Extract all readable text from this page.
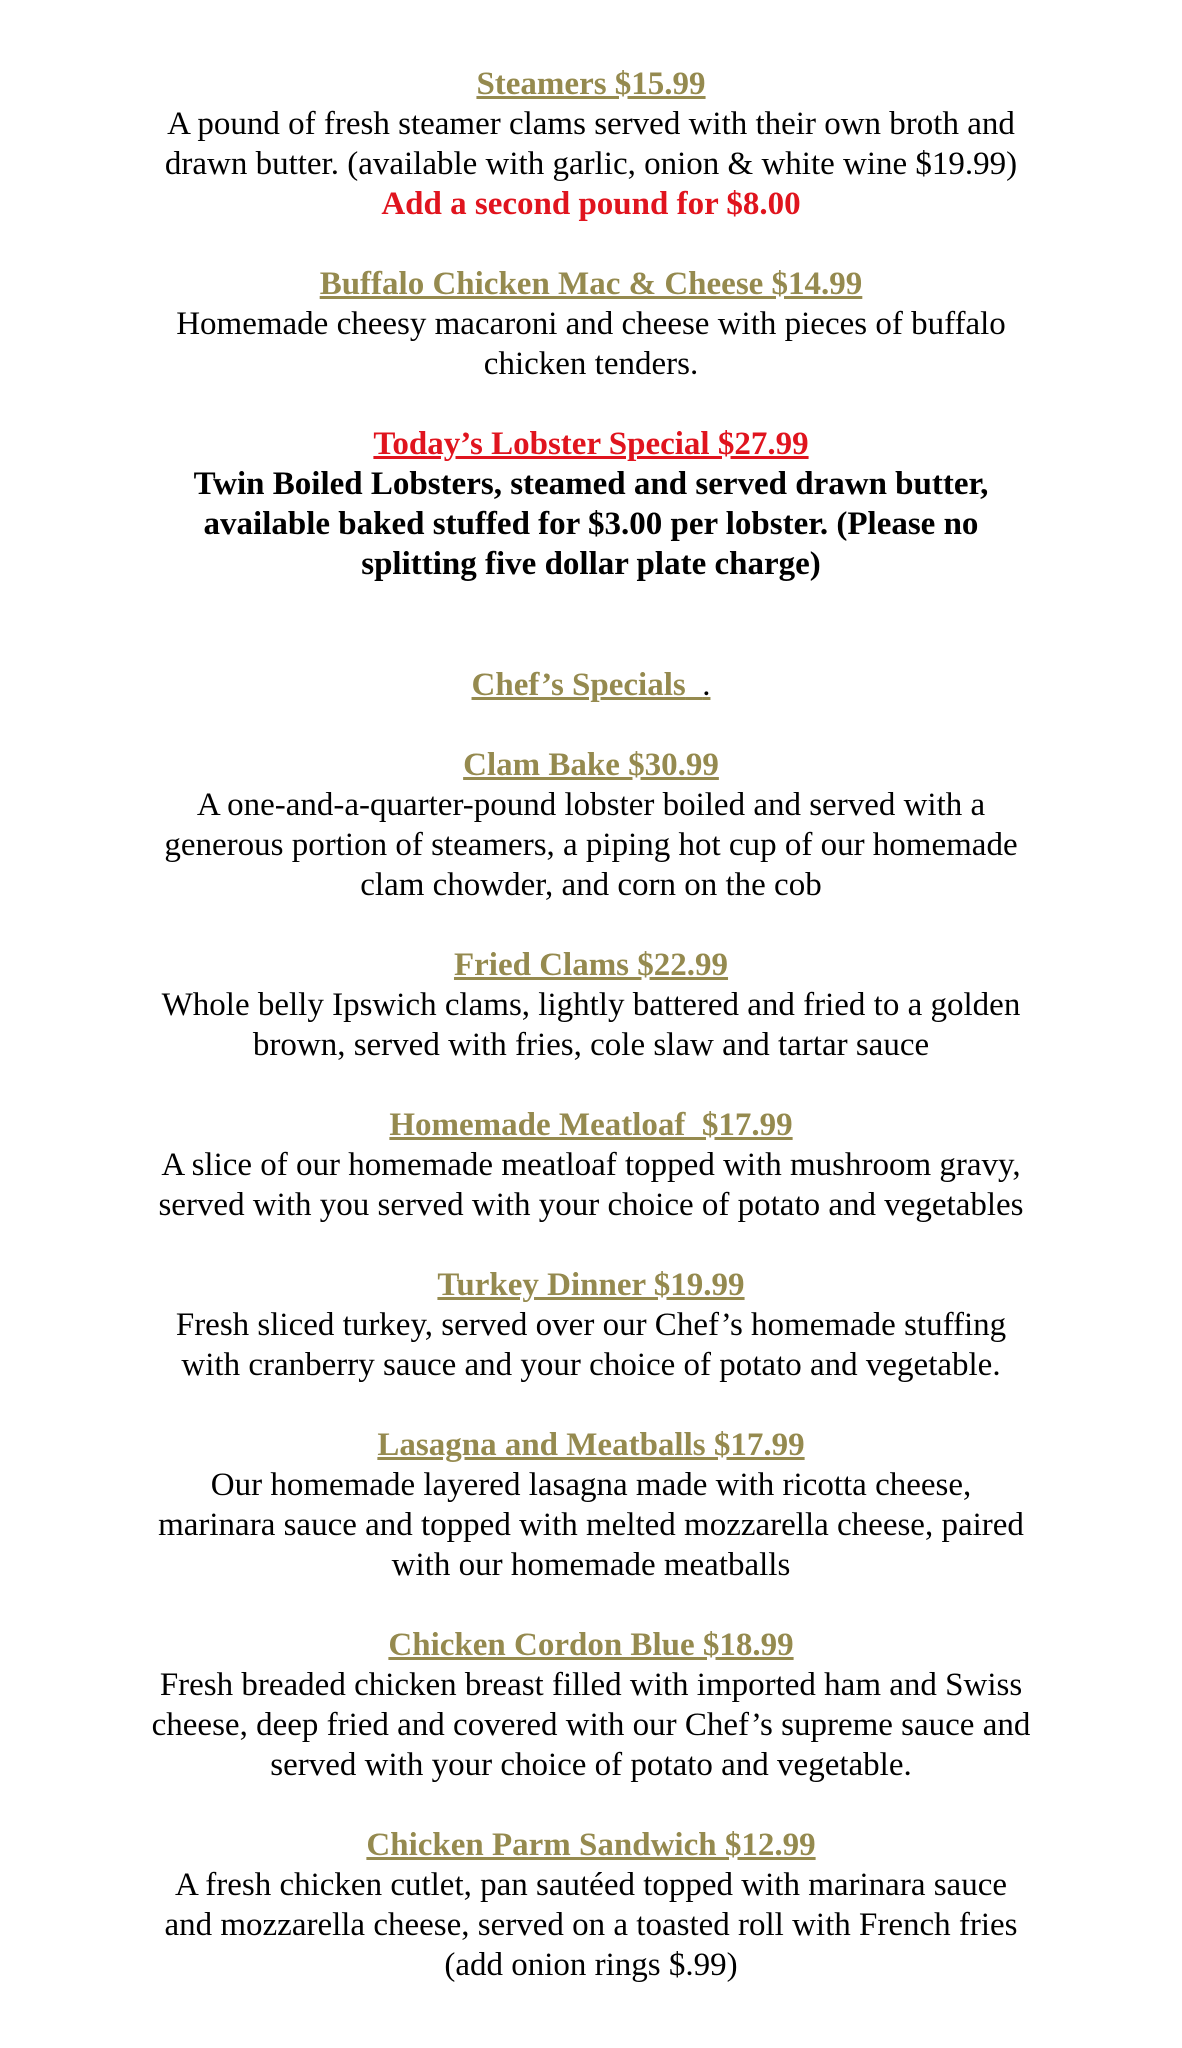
Steamers $15.99

A pound of fresh steamer clams served with their own broth and

drawn butter. (available with garlic, onion & white wine $19.99)

Add a second pound for $8.00

Buffalo Chicken Mac & Cheese $14.99

Homemade cheesy macaroni and cheese with pieces of buffalo

chicken tenders.

Today’s Lobster Special $27.99

Twin Boiled Lobsters, steamed and served drawn butter,

available baked stuffed for $3.00 per lobster. (Please no

splitting five dollar plate charge)

Chef’s Specials .

Clam Bake $30.99

A one-and-a-quarter-pound lobster boiled and served with a

generous portion of steamers, a piping hot cup of our homemade

clam chowder, and corn on the cob

Fried Clams $22.99

Whole belly Ipswich clams, lightly battered and fried to a golden

brown, served with fries, cole slaw and tartar sauce

Homemade Meatloaf  $17.99

A slice of our homemade meatloaf topped with mushroom gravy,

served with you served with your choice of potato and vegetables

Turkey Dinner $19.99

Fresh sliced turkey, served over our Chef’s homemade stuffing

with cranberry sauce and your choice of potato and vegetable.

Lasagna and Meatballs $17.99

Our homemade layered lasagna made with ricotta cheese,

marinara sauce and topped with melted mozzarella cheese, paired

with our homemade meatballs

Chicken Cordon Blue $18.99

Fresh breaded chicken breast filled with imported ham and Swiss

cheese, deep fried and covered with our Chef’s supreme sauce and

served with your choice of potato and vegetable.

Chicken Parm Sandwich $12.99

A fresh chicken cutlet, pan sautéed topped with marinara sauce

and mozzarella cheese, served on a toasted roll with French fries

(add onion rings $.99)
